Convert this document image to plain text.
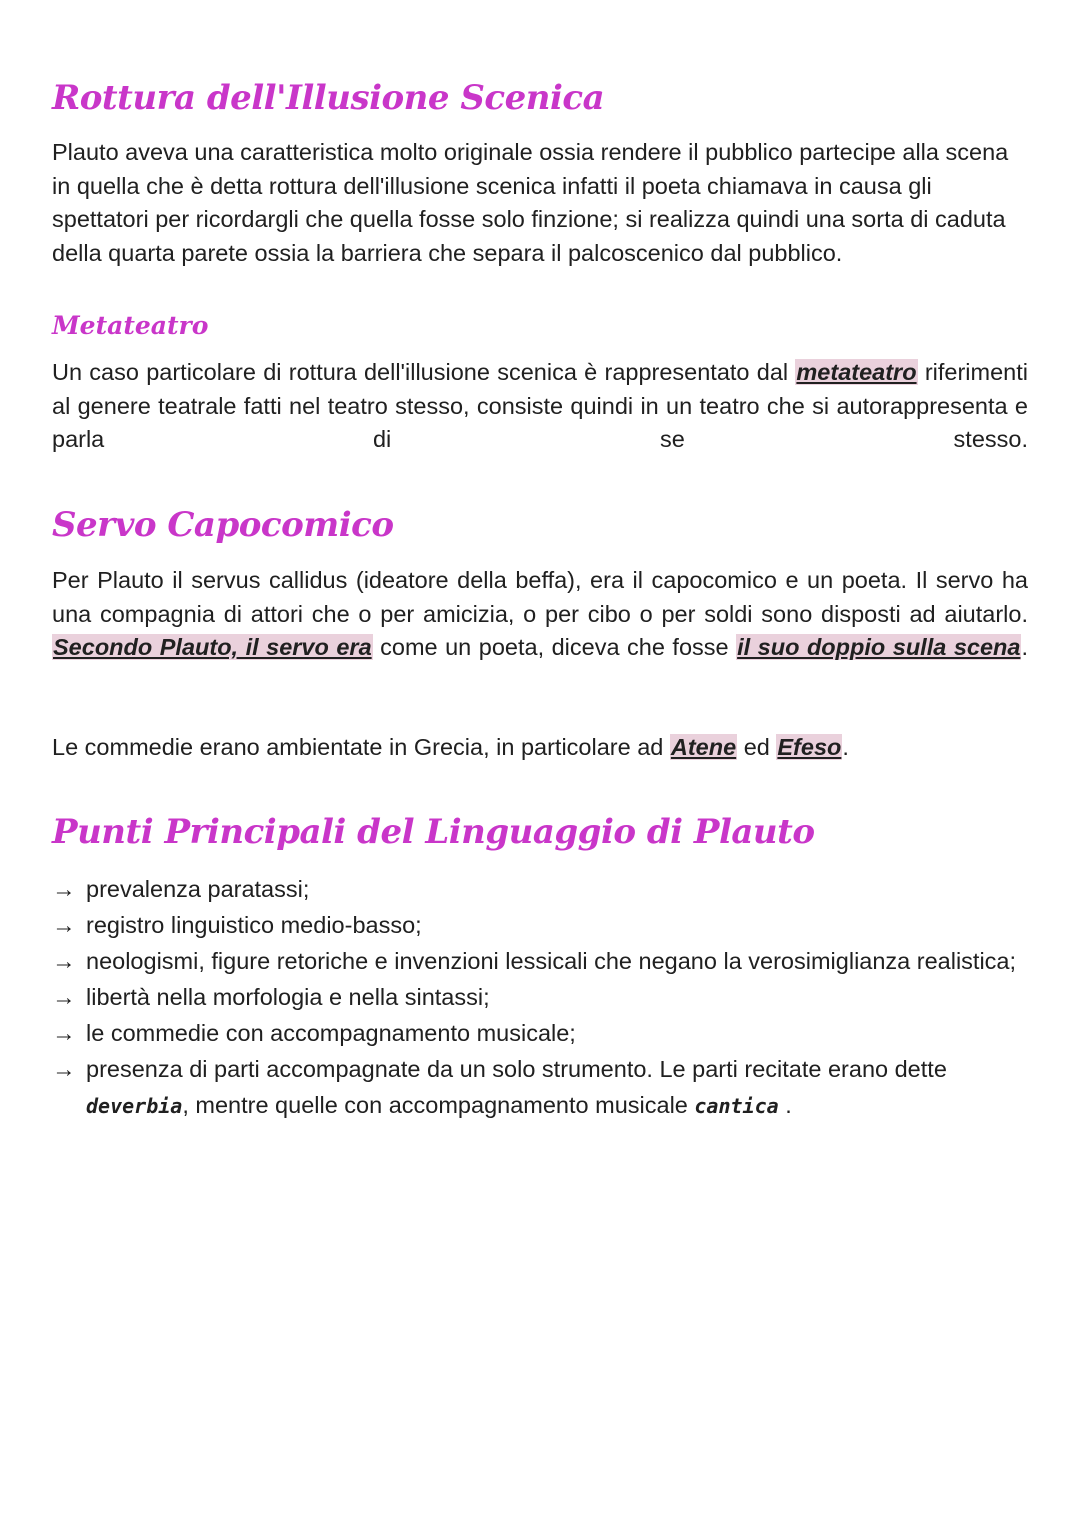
Rottura dell'Illusione Scenica

Plauto aveva una caratteristica molto originale ossia rendere il pubblico partecipe alla scena in quella che è detta rottura dell'illusione scenica infatti il poeta chiamava in causa gli spettatori per ricordargli che quella fosse solo finzione; si realizza quindi una sorta di caduta della quarta parete ossia la barriera che separa il palcoscenico dal pubblico.

Metateatro

Un caso particolare di rottura dell'illusione scenica è rappresentato dal metateatro riferimenti al genere teatrale fatti nel teatro stesso, consiste quindi in un teatro che si autorappresenta e parla di se stesso.

Servo Capocomico

Per Plauto il servus callidus (ideatore della beffa), era il capocomico e un poeta. Il servo ha una compagnia di attori che o per amicizia, o per cibo o per soldi sono disposti ad aiutarlo. Secondo Plauto, il servo era come un poeta, diceva che fosse il suo doppio sulla scena.

Le commedie erano ambientate in Grecia, in particolare ad Atene ed Efeso.

Punti Principali del Linguaggio di Plauto
→ prevalenza paratassi;
→ registro linguistico medio-basso;
→ neologismi, figure retoriche e invenzioni lessicali che negano la verosimiglianza realistica;
→ libertà nella morfologia e nella sintassi;
→ le commedie con accompagnamento musicale;
→ presenza di parti accompagnate da un solo strumento. Le parti recitate erano dette
deverbia, mentre quelle con accompagnamento musicale cantica .
